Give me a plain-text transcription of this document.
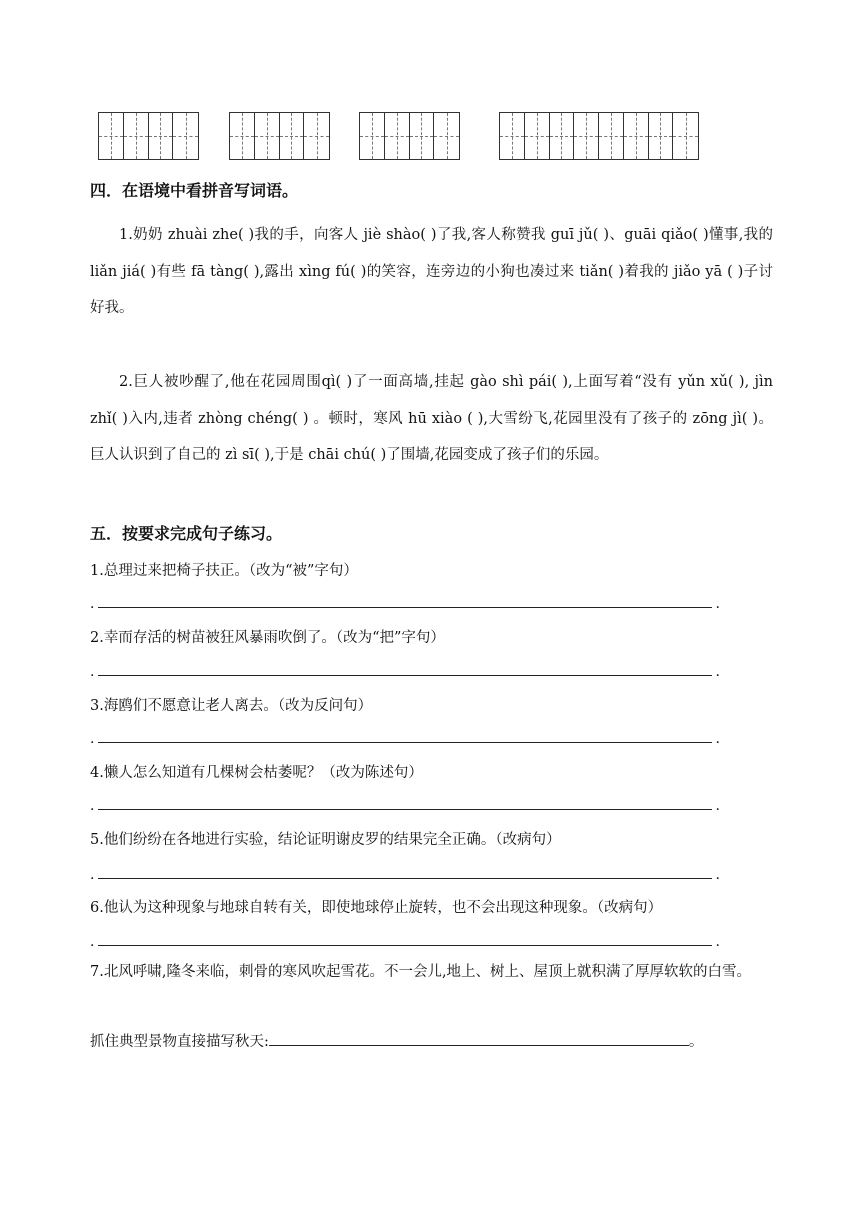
四．在语境中看拼音写词语。
1.奶奶 zhuài zhe( )我的手，向客人 jiè shào( )了我,客人称赞我 guī jǔ( )、guāi qiǎo( )懂事,我的 liǎn jiá( )有些 fā tàng( ),露出 xìng fú( )的笑容，连旁边的小狗也凑过来 tiǎn( )着我的 jiǎo yā ( )子讨好我。
2.巨人被吵醒了,他在花园周围qì( )了一面高墙,挂起 gào shì pái( ),上面写着“没有 yǔn xǔ( ), jìn zhǐ( )入内,违者 zhòng chéng( ) 。顿时，寒风 hū xiào ( ),大雪纷飞,花园里没有了孩子的 zōng jì( )。 巨人认识到了自己的 zì sī( ),于是 chāi chú( )了围墙,花园变成了孩子们的乐园。
五．按要求完成句子练习。
1.总理过来把椅子扶正。（改为“被”字句）
.	.
2.幸而存活的树苗被狂风暴雨吹倒了。（改为“把”字句）
.	.
3.海鸥们不愿意让老人离去。（改为反问句）
.	.
4.懒人怎么知道有几棵树会枯萎呢？（改为陈述句）
.	.
5.他们纷纷在各地进行实验，结论证明谢皮罗的结果完全正确。（改病句）
.	.
6.他认为这种现象与地球自转有关，即使地球停止旋转，也不会出现这种现象。（改病句）
.	.
7.北风呼啸,隆冬来临，刺骨的寒风吹起雪花。不一会儿,地上、树上、屋顶上就积满了厚厚软软的白雪。
抓住典型景物直接描写秋天:	。
